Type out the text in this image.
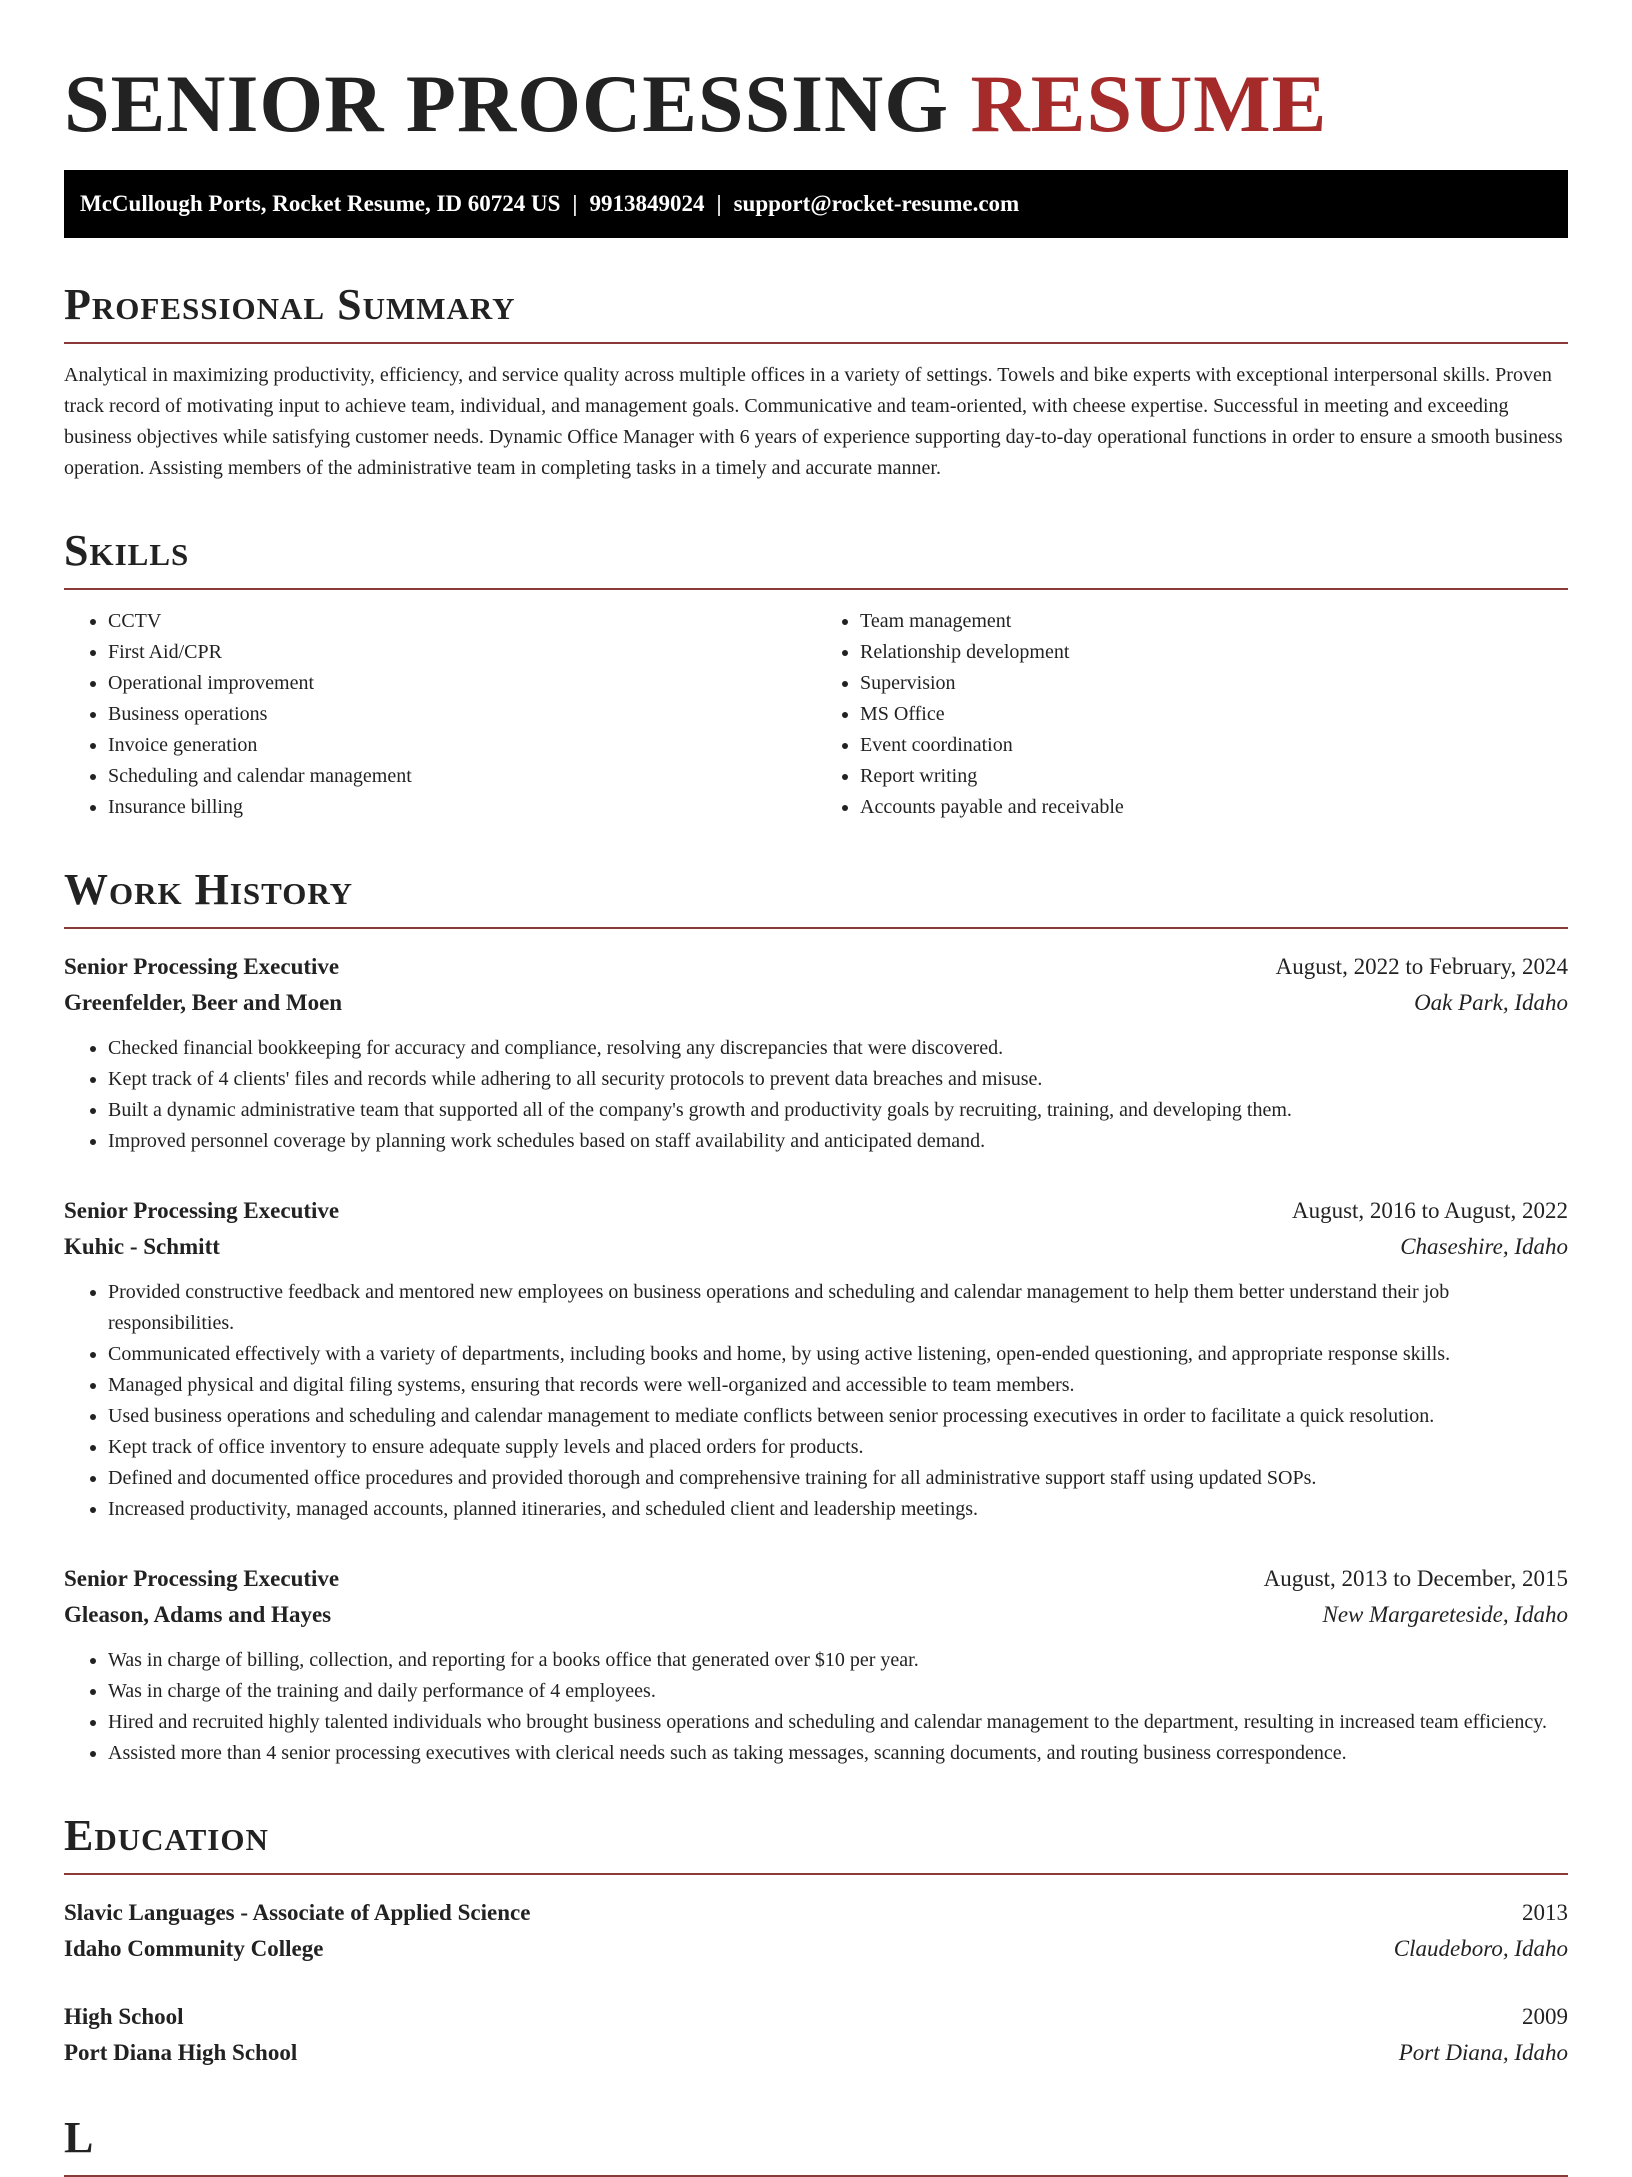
SENIOR PROCESSING RESUME
McCullough Ports, Rocket Resume, ID 60724 US | 9913849024 | support@rocket-resume.com
Professional Summary
Analytical in maximizing productivity, efficiency, and service quality across multiple offices in a variety of settings. Towels and bike experts with exceptional interpersonal skills. Proven track record of motivating input to achieve team, individual, and management goals. Communicative and team-oriented, with cheese expertise. Successful in meeting and exceeding business objectives while satisfying customer needs. Dynamic Office Manager with 6 years of experience supporting day-to-day operational functions in order to ensure a smooth business operation. Assisting members of the administrative team in completing tasks in a timely and accurate manner.
Skills
• CCTV
• First Aid/CPR
• Operational improvement
• Business operations
• Invoice generation
• Scheduling and calendar management
• Insurance billing
• Team management
• Relationship development
• Supervision
• MS Office
• Event coordination
• Report writing
• Accounts payable and receivable
Work History
Senior Processing Executive	August, 2022 to February, 2024
Greenfelder, Beer and Moen	Oak Park, Idaho
• Checked financial bookkeeping for accuracy and compliance, resolving any discrepancies that were discovered.
• Kept track of 4 clients' files and records while adhering to all security protocols to prevent data breaches and misuse.
• Built a dynamic administrative team that supported all of the company's growth and productivity goals by recruiting, training, and developing them.
• Improved personnel coverage by planning work schedules based on staff availability and anticipated demand.
Senior Processing Executive	August, 2016 to August, 2022
Kuhic - Schmitt	Chaseshire, Idaho
• Provided constructive feedback and mentored new employees on business operations and scheduling and calendar management to help them better understand their job responsibilities.
• Communicated effectively with a variety of departments, including books and home, by using active listening, open-ended questioning, and appropriate response skills.
• Managed physical and digital filing systems, ensuring that records were well-organized and accessible to team members.
• Used business operations and scheduling and calendar management to mediate conflicts between senior processing executives in order to facilitate a quick resolution.
• Kept track of office inventory to ensure adequate supply levels and placed orders for products.
• Defined and documented office procedures and provided thorough and comprehensive training for all administrative support staff using updated SOPs.
• Increased productivity, managed accounts, planned itineraries, and scheduled client and leadership meetings.
Senior Processing Executive	August, 2013 to December, 2015
Gleason, Adams and Hayes	New Margareteside, Idaho
• Was in charge of billing, collection, and reporting for a books office that generated over $10 per year.
• Was in charge of the training and daily performance of 4 employees.
• Hired and recruited highly talented individuals who brought business operations and scheduling and calendar management to the department, resulting in increased team efficiency.
• Assisted more than 4 senior processing executives with clerical needs such as taking messages, scanning documents, and routing business correspondence.
Education
Slavic Languages - Associate of Applied Science	2013
Idaho Community College	Claudeboro, Idaho
High School	2009
Port Diana High School	Port Diana, Idaho
L
